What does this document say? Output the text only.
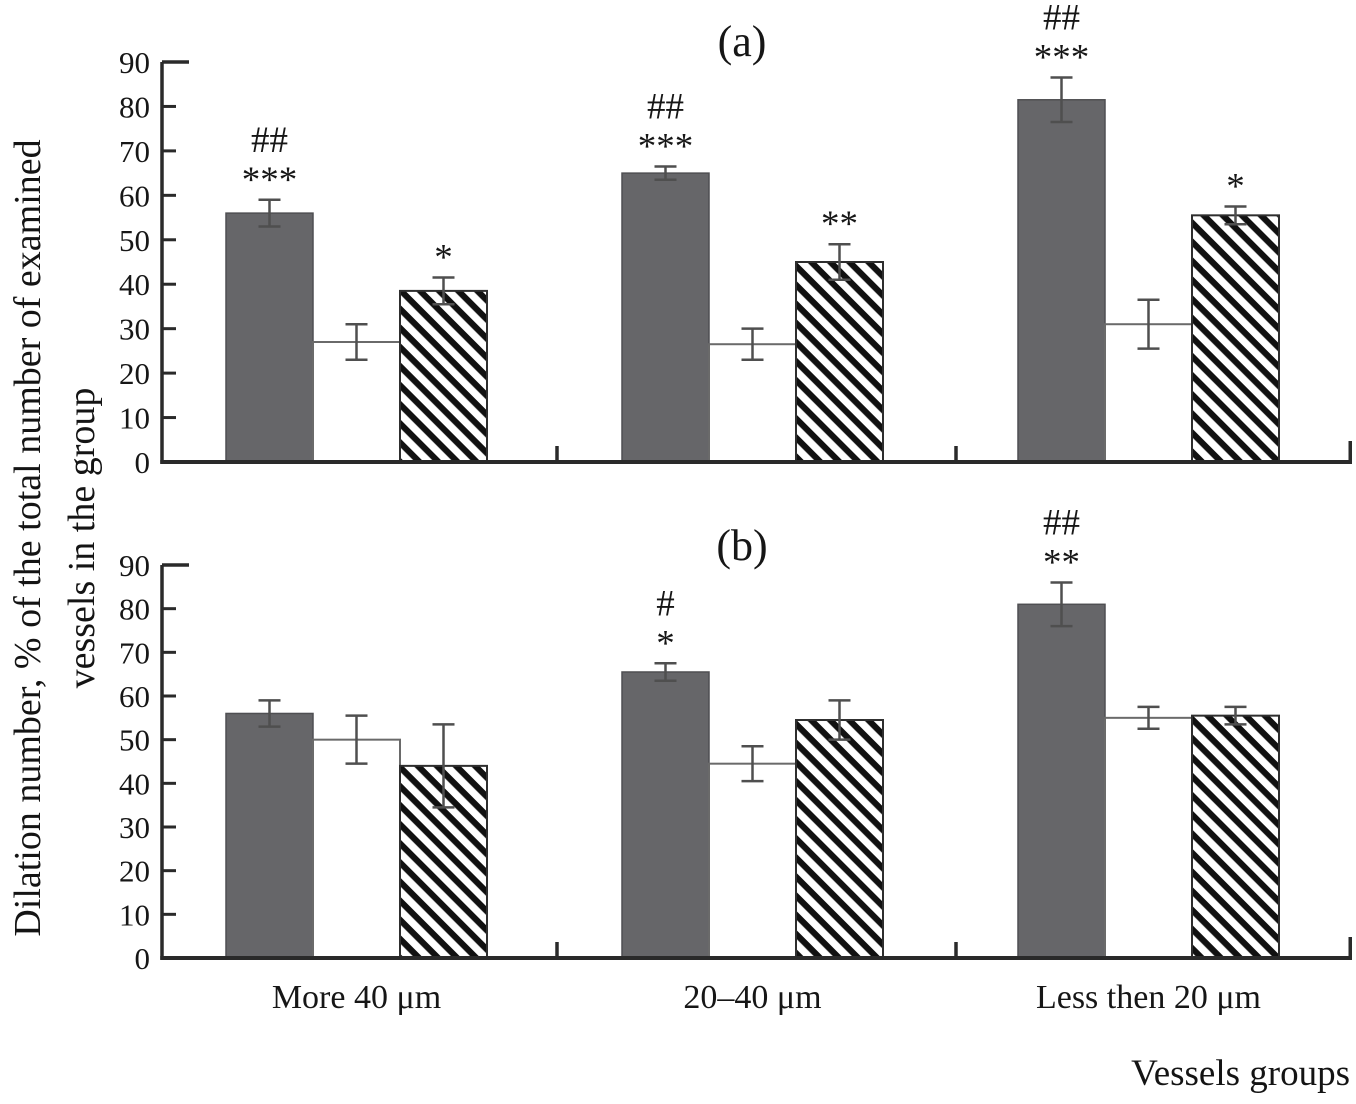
Dilation number, % of the total number of examined vessels in the group
(a)
##
***
##
***
##
***
*
**
*
0
10
20
30
40
50
60
70
80
90
(b)
#
*
##
**
0
10
20
30
40
50
60
70
80
90
More 40 μm	20–40 μm	Less then 20 μm
Vessels groups
